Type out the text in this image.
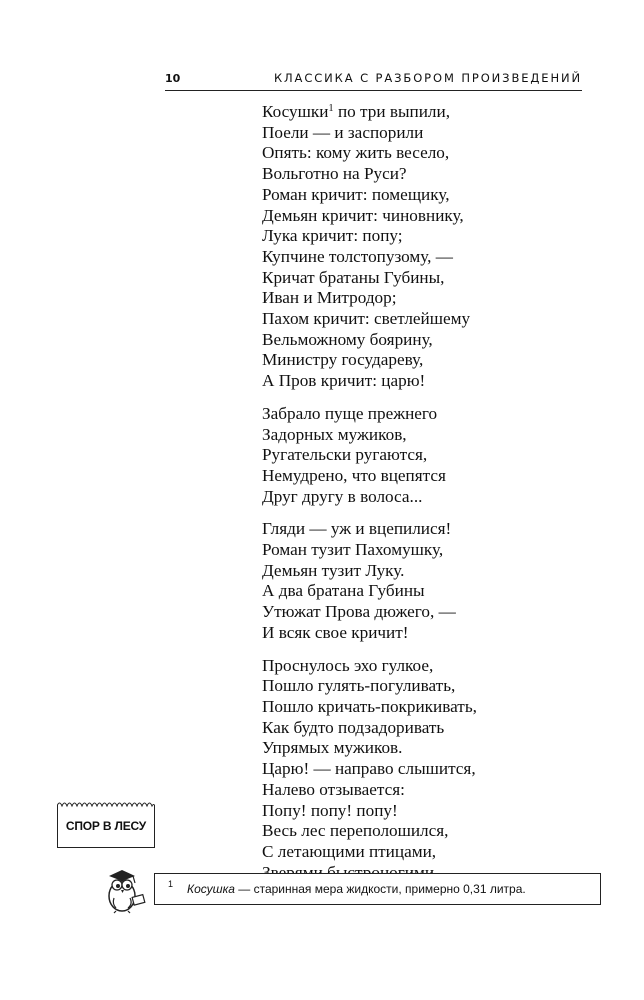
10	КЛАССИКА С РАЗБОРОМ ПРОИЗВЕДЕНИЙ
Косушки$^1$ по три выпили,
Поели — и заспорили
Опять: кому жить весело,
Вольготно на Руси?
Роман кричит: помещику,
Демьян кричит: чиновнику,
Лука кричит: попу;
Купчине толстопузому, —
Кричат братаны Губины,
Иван и Митродор;
Пахом кричит: светлейшему
Вельможному боярину,
Министру государеву,
А Пров кричит: царю!
Забрало пуще прежнего
Задорных мужиков,
Ругательски ругаются,
Немудрено, что вцепятся
Друг другу в волоса...
Гляди — уж и вцепилися!
Роман тузит Пахомушку,
Демьян тузит Луку.
А два братана Губины
Утюжат Прова дюжего, —
И всяк свое кричит!
Проснулось эхо гулкое,
Пошло гулять-погуливать,
Пошло кричать-покрикивать,
Как будто подзадоривать
Упрямых мужиков.
Царю! — направо слышится,
Налево отзывается:
Попу! попу! попу!
Весь лес переполошился,
С летающими птицами,
СПОР В ЛЕСУ
1 Косушка — старинная мера жидкости, примерно 0,31 литра.
